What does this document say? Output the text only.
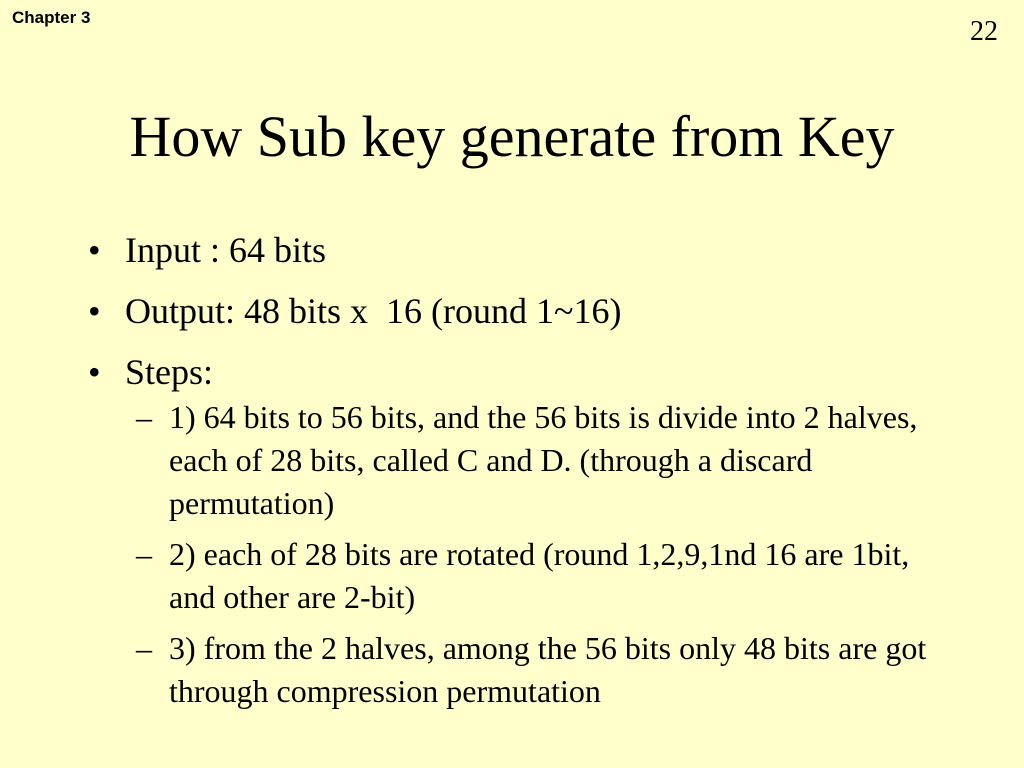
Chapter 3	22
How Sub key generate from Key
• Input : 64 bits
• Output: 48 bits x  16 (round 1~16)
• Steps:
– 1) 64 bits to 56 bits, and the 56 bits is divide into 2 halves, each of 28 bits, called C and D. (through a discard permutation)
– 2) each of 28 bits are rotated (round 1,2,9,1nd 16 are 1bit, and other are 2-bit)
– 3) from the 2 halves, among the 56 bits only 48 bits are got through compression permutation
